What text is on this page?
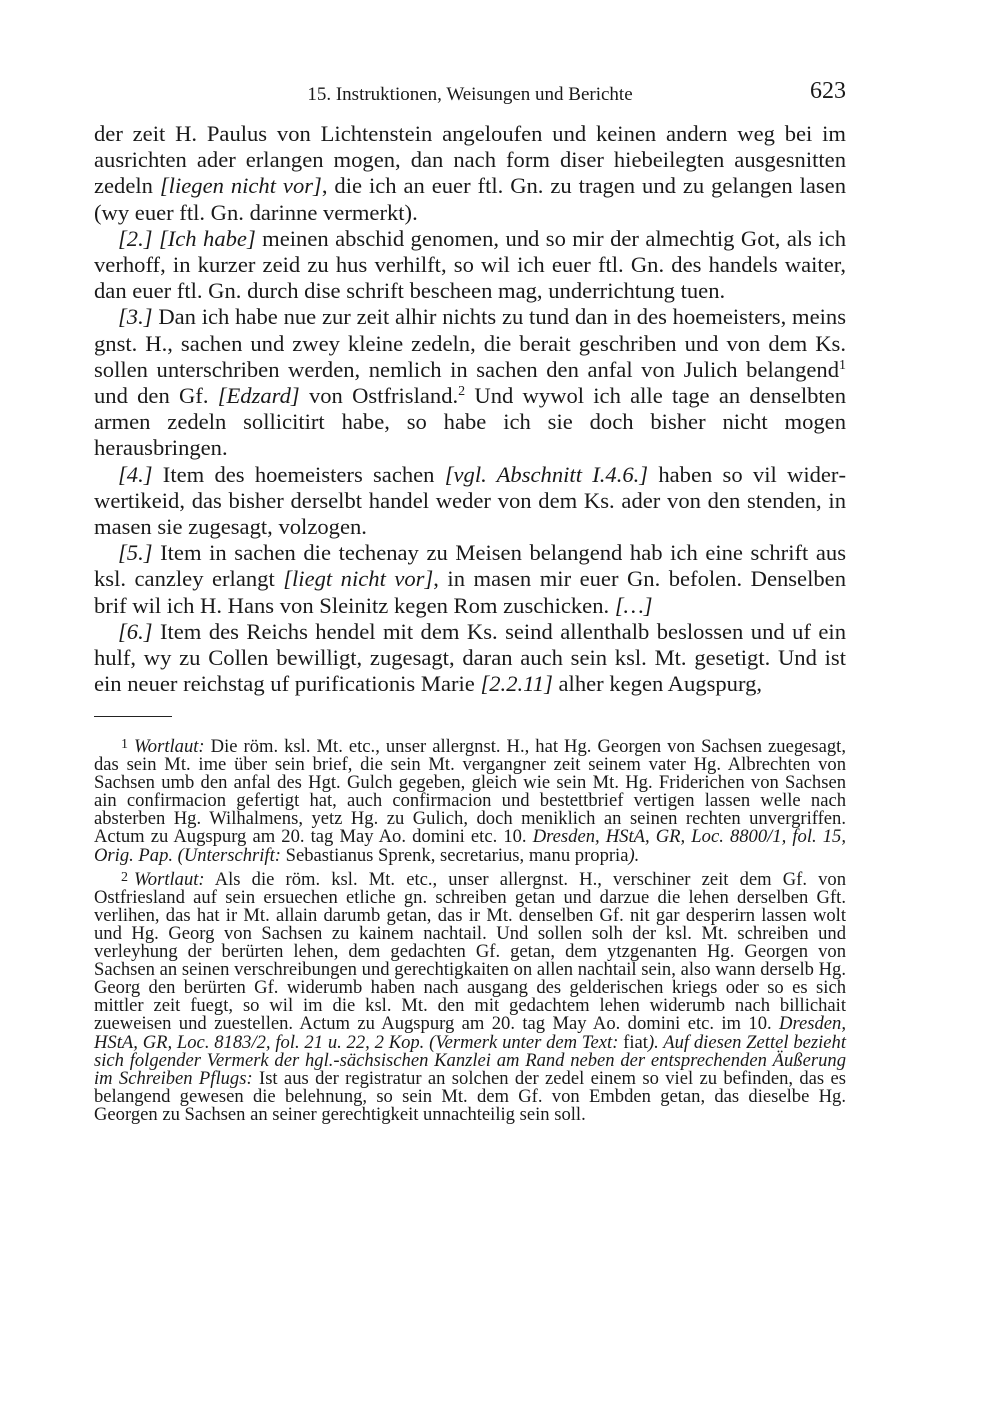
15. Instruktionen, Weisungen und Berichte	623

der zeit H. Paulus von Lichtenstein angeloufen und keinen andern weg bei im ausrichten ader erlangen mogen, dan nach form diser hiebeilegten ausgesnitten zedeln [liegen nicht vor], die ich an euer ftl. Gn. zu tragen und zu gelangen lasen (wy euer ftl. Gn. darinne vermerkt).

[2.] [Ich habe] meinen abschid genomen, und so mir der almechtig Got, als ich verhoff, in kurzer zeid zu hus verhilft, so wil ich euer ftl. Gn. des handels waiter, dan euer ftl. Gn. durch dise schrift bescheen mag, underrichtung tuen.

[3.] Dan ich habe nue zur zeit alhir nichts zu tund dan in des hoemeisters, meins gnst. H., sachen und zwey kleine zedeln, die berait geschriben und von dem Ks. sollen unterschriben werden, nemlich in sachen den anfal von Julich belangend$^1$ und den Gf. [Edzard] von Ostfrisland.$^2$ Und wywol ich alle tage an denselbten armen zedeln sollicitirt habe, so habe ich sie doch bisher nicht mogen herausbringen.

[4.] Item des hoemeisters sachen [vgl. Abschnitt I.4.6.] haben so vil widerwertikeid, das bisher derselbt handel weder von dem Ks. ader von den stenden, in masen sie zugesagt, volzogen.

[5.] Item in sachen die techenay zu Meisen belangend hab ich eine schrift aus ksl. canzley erlangt [liegt nicht vor], in masen mir euer Gn. befolen. Denselben brif wil ich H. Hans von Sleinitz kegen Rom zuschicken. […]

[6.] Item des Reichs hendel mit dem Ks. seind allenthalb beslossen und uf ein hulf, wy zu Collen bewilligt, zugesagt, daran auch sein ksl. Mt. gesetigt. Und ist ein neuer reichstag uf purificationis Marie [2.2.11] alher kegen Augspurg,

$^1$ Wortlaut: Die röm. ksl. Mt. etc., unser allergnst. H., hat Hg. Georgen von Sachsen zuegesagt, das sein Mt. ime über sein brief, die sein Mt. vergangner zeit seinem vater Hg. Albrechten von Sachsen umb den anfal des Hgt. Gulch gegeben, gleich wie sein Mt. Hg. Friderichen von Sachsen ain confirmacion gefertigt hat, auch confirmacion und bestettbrief vertigen lassen welle nach absterben Hg. Wilhalmens, yetz Hg. zu Gulich, doch meniklich an seinen rechten unvergriffen. Actum zu Augspurg am 20. tag May Ao. domini etc. 10. Dresden, HStA, GR, Loc. 8800/1, fol. 15, Orig. Pap. (Unterschrift: Sebastianus Sprenk, secretarius, manu propria).

$^2$ Wortlaut: Als die röm. ksl. Mt. etc., unser allergnst. H., verschiner zeit dem Gf. von Ostfriesland auf sein ersuechen etliche gn. schreiben getan und darzue die lehen derselben Gft. verlihen, das hat ir Mt. allain darumb getan, das ir Mt. denselben Gf. nit gar desperirn lassen wolt und Hg. Georg von Sachsen zu kainem nachtail. Und sollen solh der ksl. Mt. schreiben und verleyhung der berürten lehen, dem gedachten Gf. getan, dem ytzgenanten Hg. Georgen von Sachsen an seinen verschreibungen und gerechtigkaiten on allen nachtail sein, also wann derselb Hg. Georg den berürten Gf. widerumb haben nach ausgang des gelderischen kriegs oder so es sich mittler zeit fuegt, so wil im die ksl. Mt. den mit gedachtem lehen widerumb nach billichait zueweisen und zuestellen. Actum zu Augspurg am 20. tag May Ao. domini etc. im 10. Dresden, HStA, GR, Loc. 8183/2, fol. 21 u. 22, 2 Kop. (Vermerk unter dem Text: fiat). Auf diesen Zettel bezieht sich folgender Vermerk der hgl.-sächsischen Kanzlei am Rand neben der entsprechenden Äußerung im Schreiben Pflugs: Ist aus der registratur an solchen der zedel einem so viel zu befinden, das es belangend gewesen die belehnung, so sein Mt. dem Gf. von Embden getan, das dieselbe Hg. Georgen zu Sachsen an seiner gerechtigkeit unnachteilig sein soll.
